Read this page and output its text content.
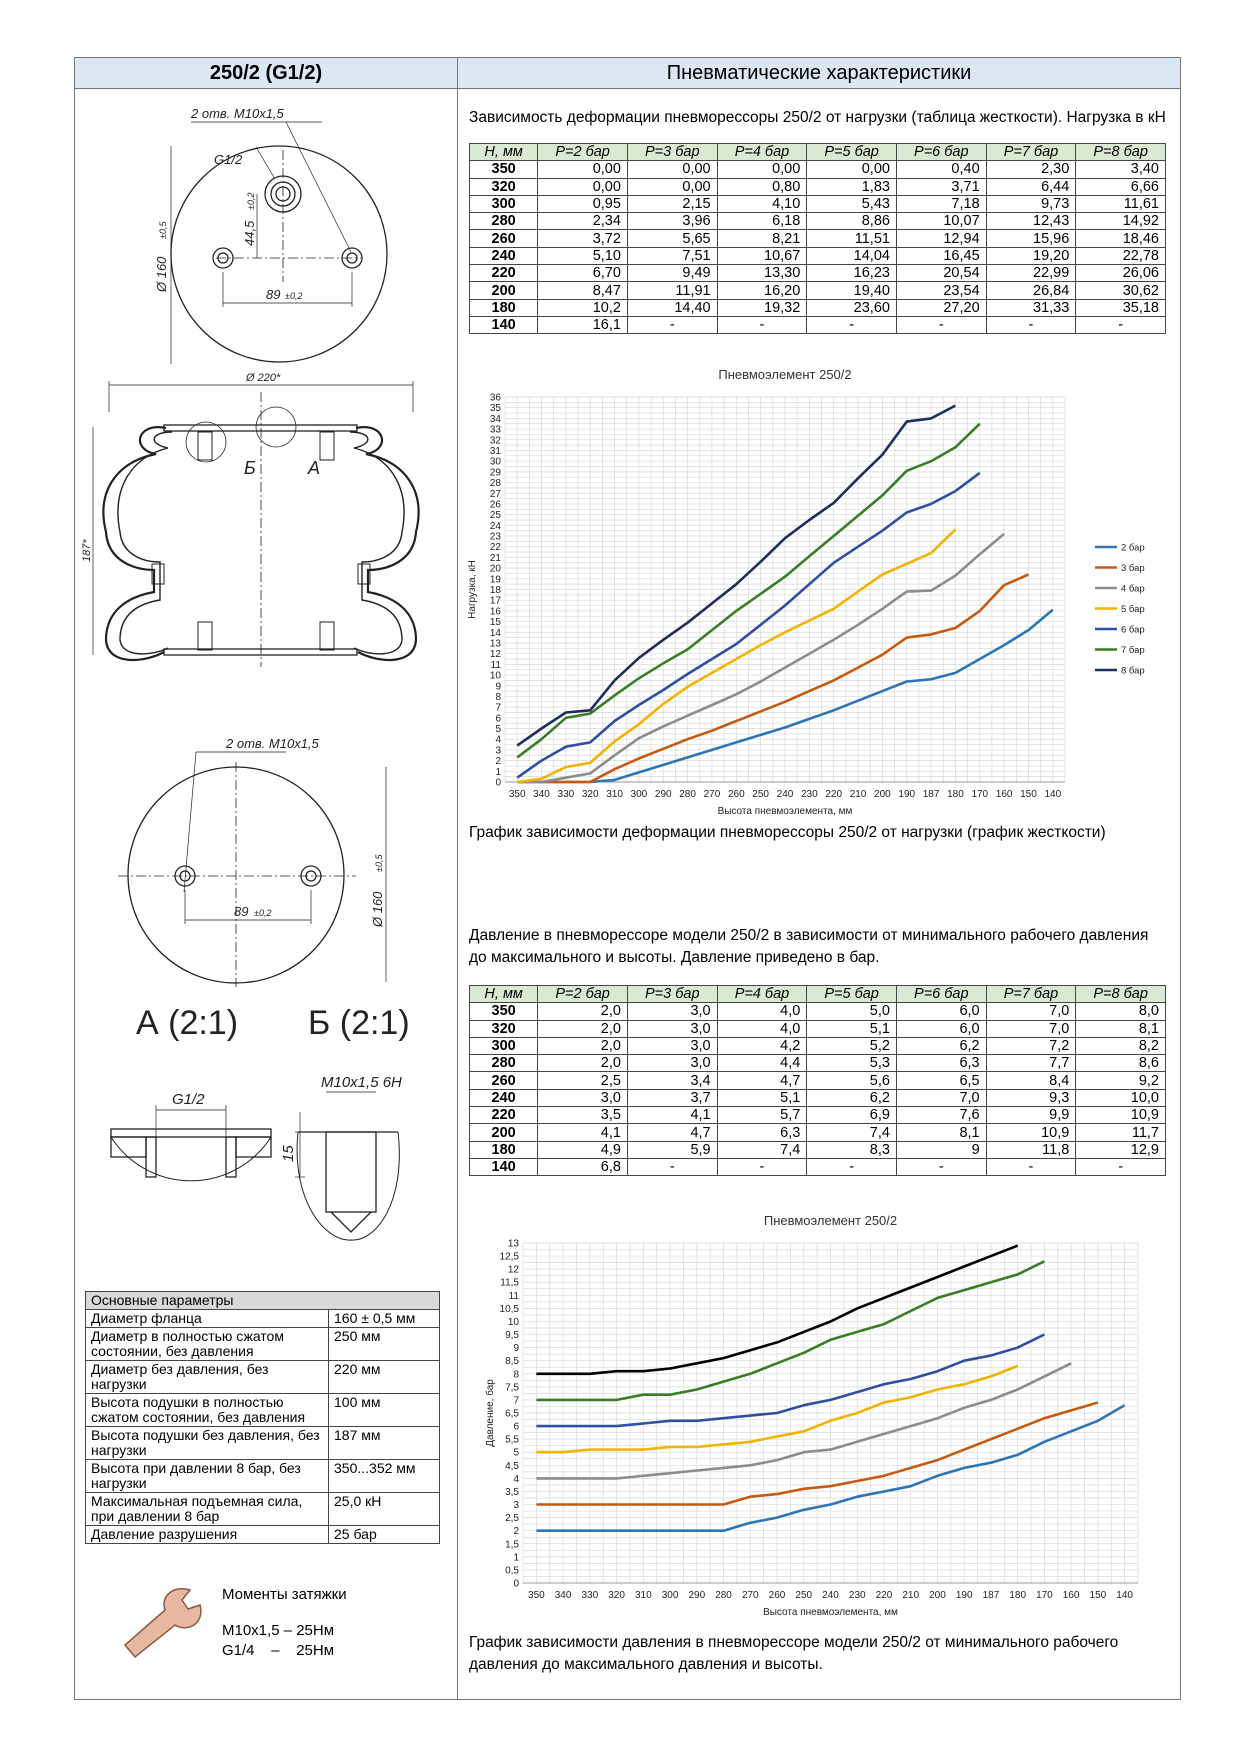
250/2 (G1/2)	Пневматические характеристики
2 отв. M10x1,5
G1/2
44,5
±0,2
89 ±0,2
Ø 160
±0,5
Ø 220*
187*
Б	А
2 отв. M10x1,5
89 ±0,2	Ø 160
±0,5
А (2:1) Б (2:1)
G1/2
M10x1,5 6H
15
Основные параметры	
Диаметр фланца	160 ± 0,5 мм
Диаметр в полностью сжатом состоянии, без давления	250 мм
Диаметр без давления, без нагрузки	220 мм
Высота подушки в полностью сжатом состоянии, без давления	100 мм
Высота подушки без давления, без нагрузки	187 мм
Высота при давлении 8 бар, без нагрузки	350...352 мм
Максимальная подъемная сила, при давлении 8 бар	25,0 кН
Давление разрушения	25 бар
Моменты затяжки
M10x1,5 – 25Нм
G1/4    –    25Нм
Зависимость деформации пневморессоры 250/2 от нагрузки (таблица жесткости). Нагрузка в кН
H, мм	P=2 бар	P=3 бар	P=4 бар	P=5 бар	P=6 бар	P=7 бар	P=8 бар
350	0,00	0,00	0,00	0,00	0,40	2,30	3,40
320	0,00	0,00	0,80	1,83	3,71	6,44	6,66
300	0,95	2,15	4,10	5,43	7,18	9,73	11,61
280	2,34	3,96	6,18	8,86	10,07	12,43	14,92
260	3,72	5,65	8,21	11,51	12,94	15,96	18,46
240	5,10	7,51	10,67	14,04	16,45	19,20	22,78
220	6,70	9,49	13,30	16,23	20,54	22,99	26,06
200	8,47	11,91	16,20	19,40	23,54	26,84	30,62
180	10,2	14,40	19,32	23,60	27,20	31,33	35,18
140	16,1	-	-	-	-	-	-
Пневмоэлемент 250/2
0
1
2
3
4
5
6
7
8
9
10
11
12
13
14
15
16
17
18
19
20
21
22
23
24
25
26
27
28
29
30
31
32
33
34
35
36
350 340 330 320 310 300 290 280 270 260 250 240 230 220 210 200 190 187 180 170 160 150 140
Высота пневмоэлемента, мм
Нагрузка, кН
2 бар
3 бар
4 бар
5 бар
6 бар
7 бар
8 бар
График зависимости деформации пневморессоры 250/2 от нагрузки (график жесткости)
Давление в пневморессоре модели 250/2 в зависимости от минимального рабочего давления до максимального и высоты. Давление приведено в бар.
H, мм	P=2 бар	P=3 бар	P=4 бар	P=5 бар	P=6 бар	P=7 бар	P=8 бар
350	2,0	3,0	4,0	5,0	6,0	7,0	8,0
320	2,0	3,0	4,0	5,1	6,0	7,0	8,1
300	2,0	3,0	4,2	5,2	6,2	7,2	8,2
280	2,0	3,0	4,4	5,3	6,3	7,7	8,6
260	2,5	3,4	4,7	5,6	6,5	8,4	9,2
240	3,0	3,7	5,1	6,2	7,0	9,3	10,0
220	3,5	4,1	5,7	6,9	7,6	9,9	10,9
200	4,1	4,7	6,3	7,4	8,1	10,9	11,7
180	4,9	5,9	7,4	8,3	9	11,8	12,9
140	6,8	-	-	-	-	-	-
Пневмоэлемент 250/2
0
0,5
1
1,5
2
2,5
3
3,5
4
4,5
5
5,5
6
6,5
7
7,5
8
8,5
9
9,5
10
10,5
11
11,5
12
12,5
13
350 340 330 320 310 300 290 280 270 260 250 240 230 220 210 200 190 187 180 170 160 150 140
Высота пневмоэлемента, мм
Давление, бар
График зависимости давления в пневморессоре модели 250/2 от минимального рабочего давления до максимального давления и высоты.
